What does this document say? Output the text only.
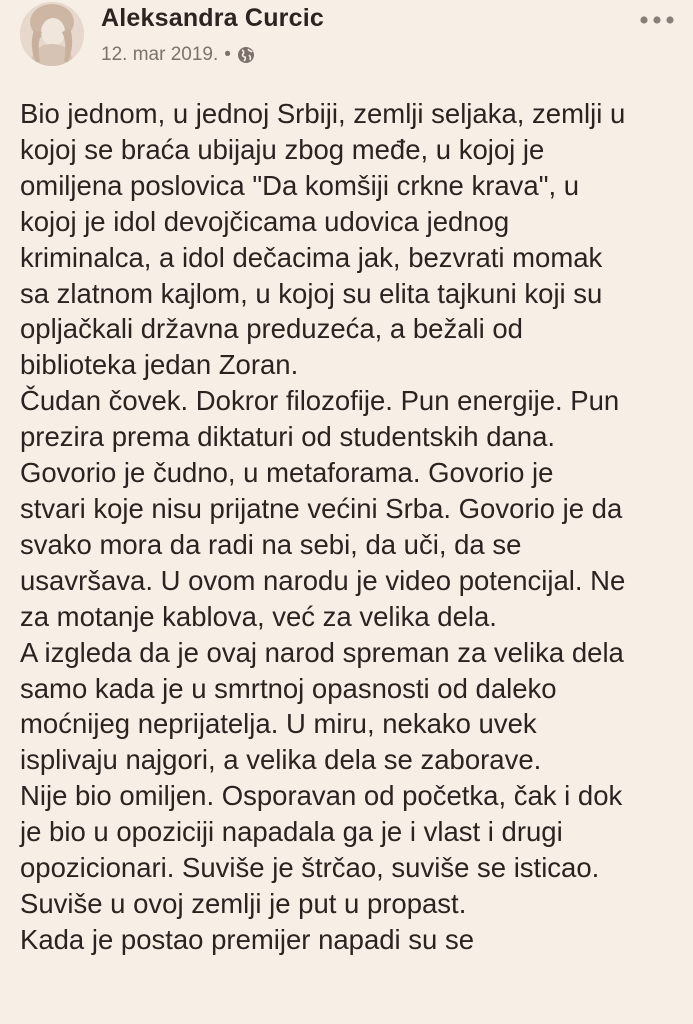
Aleksandra Curcic
12. mar 2019. •
Bio jednom, u jednoj Srbiji, zemlji seljaka, zemlji u
kojoj se braća ubijaju zbog međe, u kojoj je
omiljena poslovica "Da komšiji crkne krava", u
kojoj je idol devojčicama udovica jednog
kriminalca, a idol dečacima jak, bezvrati momak
sa zlatnom kajlom, u kojoj su elita tajkuni koji su
opljačkali državna preduzeća, a bežali od
biblioteka jedan Zoran.
Čudan čovek. Dokror filozofije. Pun energije. Pun
prezira prema diktaturi od studentskih dana.
Govorio je čudno, u metaforama. Govorio je
stvari koje nisu prijatne većini Srba. Govorio je da
svako mora da radi na sebi, da uči, da se
usavršava. U ovom narodu je video potencijal. Ne
za motanje kablova, već za velika dela.
A izgleda da je ovaj narod spreman za velika dela
samo kada je u smrtnoj opasnosti od daleko
moćnijeg neprijatelja. U miru, nekako uvek
isplivaju najgori, a velika dela se zaborave.
Nije bio omiljen. Osporavan od početka, čak i dok
je bio u opoziciji napadala ga je i vlast i drugi
opozicionari. Suviše je štrčao, suviše se isticao.
Suviše u ovoj zemlji je put u propast.
Kada je postao premijer napadi su se
